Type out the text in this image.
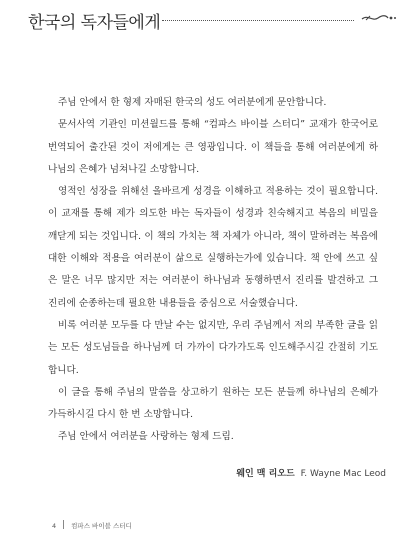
한국의 독자들에게

주님 안에서 한 형제 자매된 한국의 성도 여러분에게 문안합니다.

문서사역 기관인 미션월드를 통해 “컴파스 바이블 스터디” 교재가 한국어로 번역되어 출간된 것이 저에게는 큰 영광입니다. 이 책들을 통해 여러분에게 하나님의 은혜가 넘쳐나길 소망합니다.

영적인 성장을 위해선 올바르게 성경을 이해하고 적용하는 것이 필요합니다. 이 교재를 통해 제가 의도한 바는 독자들이 성경과 친숙해지고 복음의 비밀을 깨닫게 되는 것입니다. 이 책의 가치는 책 자체가 아니라, 책이 말하려는 복음에 대한 이해와 적용을 여러분이 삶으로 실행하는가에 있습니다. 책 안에 쓰고 싶은 말은 너무 많지만 저는 여러분이 하나님과 동행하면서 진리를 발견하고 그 진리에 순종하는데 필요한 내용들을 중심으로 서술했습니다.

비록 여러분 모두를 다 만날 수는 없지만, 우리 주님께서 저의 부족한 글을 읽는 모든 성도님들을 하나님께 더 가까이 다가가도록 인도해주시길 간절히 기도합니다.

이 글을 통해 주님의 말씀을 상고하기 원하는 모든 분들께 하나님의 은혜가 가득하시길 다시 한 번 소망합니다.

주님 안에서 여러분을 사랑하는 형제 드림.

웨인 맥 리오드 F. Wayne Mac Leod
4 컴파스 바이블 스터디
